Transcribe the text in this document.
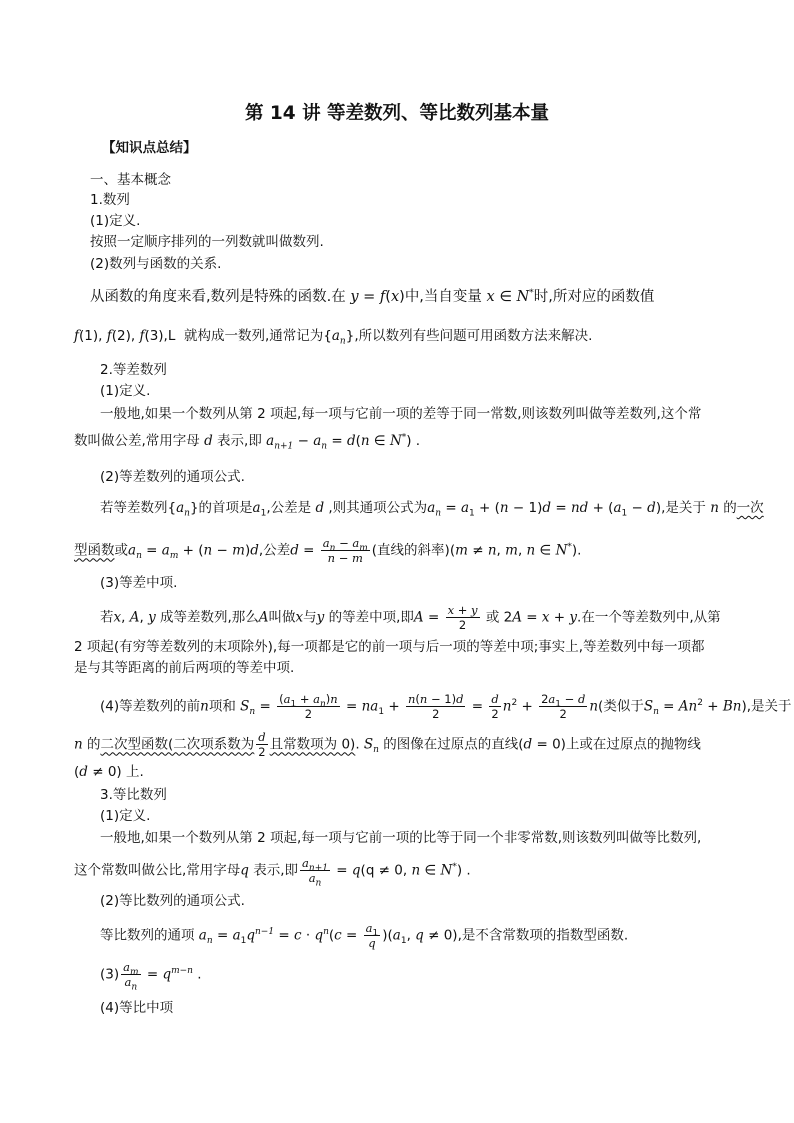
第 14 讲 等差数列、等比数列基本量
【知识点总结】
一、基本概念
1.数列
(1)定义.
按照一定顺序排列的一列数就叫做数列.
(2)数列与函数的关系.
从函数的角度来看,数列是特殊的函数.在 y = f(x)中,当自变量 x ∈ N*时,所对应的函数值
f(1), f(2), f(3),L  就构成一数列,通常记为$\{a_n\}$,所以数列有些问题可用函数方法来解决.
2.等差数列
(1)定义.
一般地,如果一个数列从第 2 项起,每一项与它前一项的差等于同一常数,则该数列叫做等差数列,这个常
数叫做公差,常用字母 d 表示,即 $a_{n+1} - a_n = d(n$ ∈ N*) .
(2)等差数列的通项公式.
若等差数列$\{a_n\}$的首项是$a_1$,公差是 d ,则其通项公式为$a_n = a_1 + (n - 1)d$ = nd + $(a_1 - d)$,是关于 n 的一次
型函数或$a_n = a_m + (n - m)d$,公差$d = \frac{a_n - a_m}{n - m}$ (直线的斜率)(m ≠ n, m, n ∈ N*).
(3)等差中项.
若x, A, y 成等差数列,那么A叫做x与y 的等差中项,即$A = \frac{x + y}{2}$ 或 2A = x + y.在一个等差数列中,从第
2 项起(有穷等差数列的末项除外),每一项都是它的前一项与后一项的等差中项;事实上,等差数列中每一项都
是与其等距离的前后两项的等差中项.
(4)等差数列的前n项和 $S_n = \frac{(a_1 + a_n)n}{2} = na_1 + \frac{n(n - 1)d}{2} = \frac{d}{2} n^2 + \frac{2a_1 - d}{2} n$(类似于$S_n = An^2 + Bn$),是关于
n 的二次型函数(二次项系数为 $\frac{d}{2}$ 且常数项为 0). $S_n$ 的图像在过原点的直线(d = 0)上或在过原点的抛物线
(d ≠ 0) 上.
3.等比数列
(1)定义.
一般地,如果一个数列从第 2 项起,每一项与它前一项的比等于同一个非零常数,则该数列叫做等比数列,
这个常数叫做公比,常用字母q 表示,即 $\frac{a_{n+1}}{a_n} = q(q \ne 0$, n ∈ N*) .
(2)等比数列的通项公式.
等比数列的通项 $a_n = a_1q^{n-1} = c \cdot q^n(c = \frac{a_1}{q} )(a_1$, q ≠ 0),是不含常数项的指数型函数.
$(3) \frac{a_m}{a_n} = q^{m-n}$ .
(4)等比中项
